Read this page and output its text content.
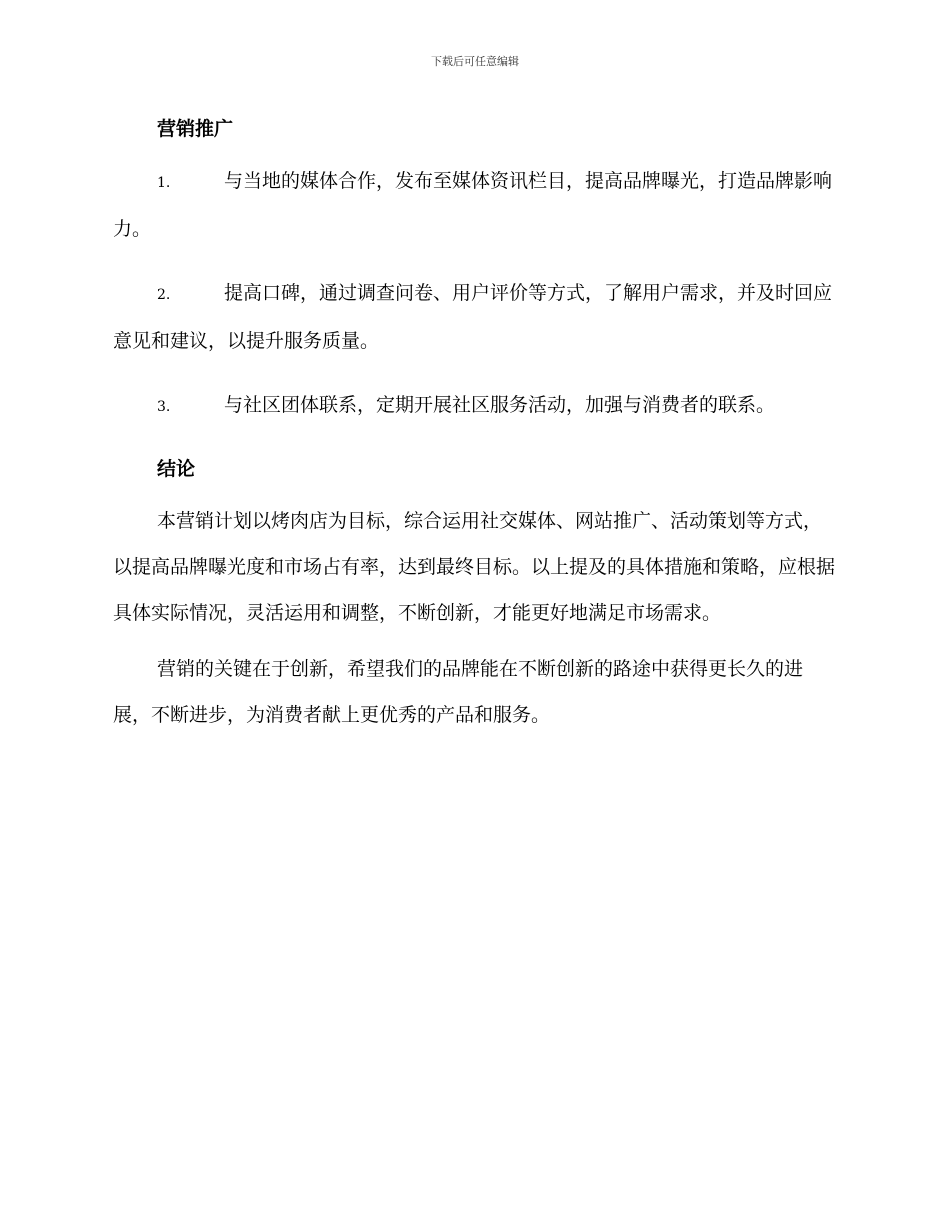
下载后可任意编辑
营销推广
1.	与当地的媒体合作，发布至媒体资讯栏目，提高品牌曝光，打造品牌影响力。
2.	提高口碑，通过调查问卷、用户评价等方式，了解用户需求，并及时回应意见和建议，以提升服务质量。
3.	与社区团体联系，定期开展社区服务活动，加强与消费者的联系。
结论
本营销计划以烤肉店为目标，综合运用社交媒体、网站推广、活动策划等方式，以提高品牌曝光度和市场占有率，达到最终目标。以上提及的具体措施和策略，应根据具体实际情况，灵活运用和调整，不断创新，才能更好地满足市场需求。
营销的关键在于创新，希望我们的品牌能在不断创新的路途中获得更长久的进展，不断进步，为消费者献上更优秀的产品和服务。
